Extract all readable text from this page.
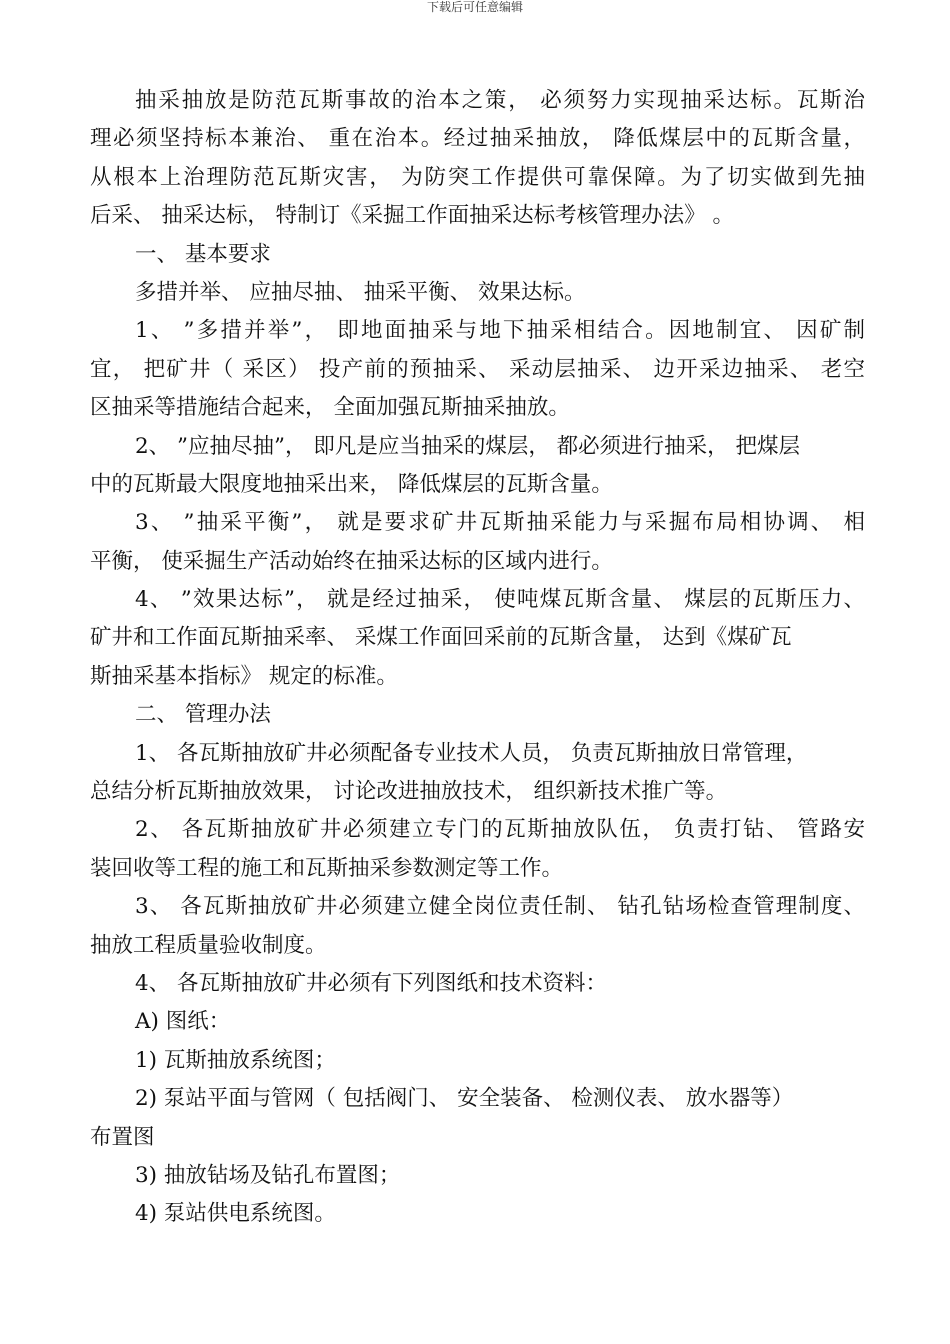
下载后可任意编辑
抽采抽放是防范瓦斯事故的治本之策， 必须努力实现抽采达标。瓦斯治
理必须坚持标本兼治、 重在治本。经过抽采抽放， 降低煤层中的瓦斯含量，
从根本上治理防范瓦斯灾害， 为防突工作提供可靠保障。为了切实做到先抽
后采、 抽采达标， 特制订《采掘工作面抽采达标考核管理办法》 。
一、 基本要求
多措并举、 应抽尽抽、 抽采平衡、 效果达标。
1、 ”多措并举”， 即地面抽采与地下抽采相结合。因地制宜、 因矿制
宜， 把矿井（ 采区） 投产前的预抽采、 采动层抽采、 边开采边抽采、 老空
区抽采等措施结合起来， 全面加强瓦斯抽采抽放。
2、 ”应抽尽抽”， 即凡是应当抽采的煤层， 都必须进行抽采， 把煤层
中的瓦斯最大限度地抽采出来， 降低煤层的瓦斯含量。
3、 ”抽采平衡”， 就是要求矿井瓦斯抽采能力与采掘布局相协调、 相
平衡， 使采掘生产活动始终在抽采达标的区域内进行。
4、 ”效果达标”， 就是经过抽采， 使吨煤瓦斯含量、 煤层的瓦斯压力、
矿井和工作面瓦斯抽采率、 采煤工作面回采前的瓦斯含量， 达到《煤矿瓦
斯抽采基本指标》 规定的标准。
二、 管理办法
1、 各瓦斯抽放矿井必须配备专业技术人员， 负责瓦斯抽放日常管理，
总结分析瓦斯抽放效果， 讨论改进抽放技术， 组织新技术推广等。
2、 各瓦斯抽放矿井必须建立专门的瓦斯抽放队伍， 负责打钻、 管路安
装回收等工程的施工和瓦斯抽采参数测定等工作。
3、 各瓦斯抽放矿井必须建立健全岗位责任制、 钻孔钻场检查管理制度、
抽放工程质量验收制度。
4、 各瓦斯抽放矿井必须有下列图纸和技术资料：
A) 图纸：
1) 瓦斯抽放系统图；
2) 泵站平面与管网（ 包括阀门、 安全装备、 检测仪表、 放水器等）
布置图
3) 抽放钻场及钻孔布置图；
4) 泵站供电系统图。
